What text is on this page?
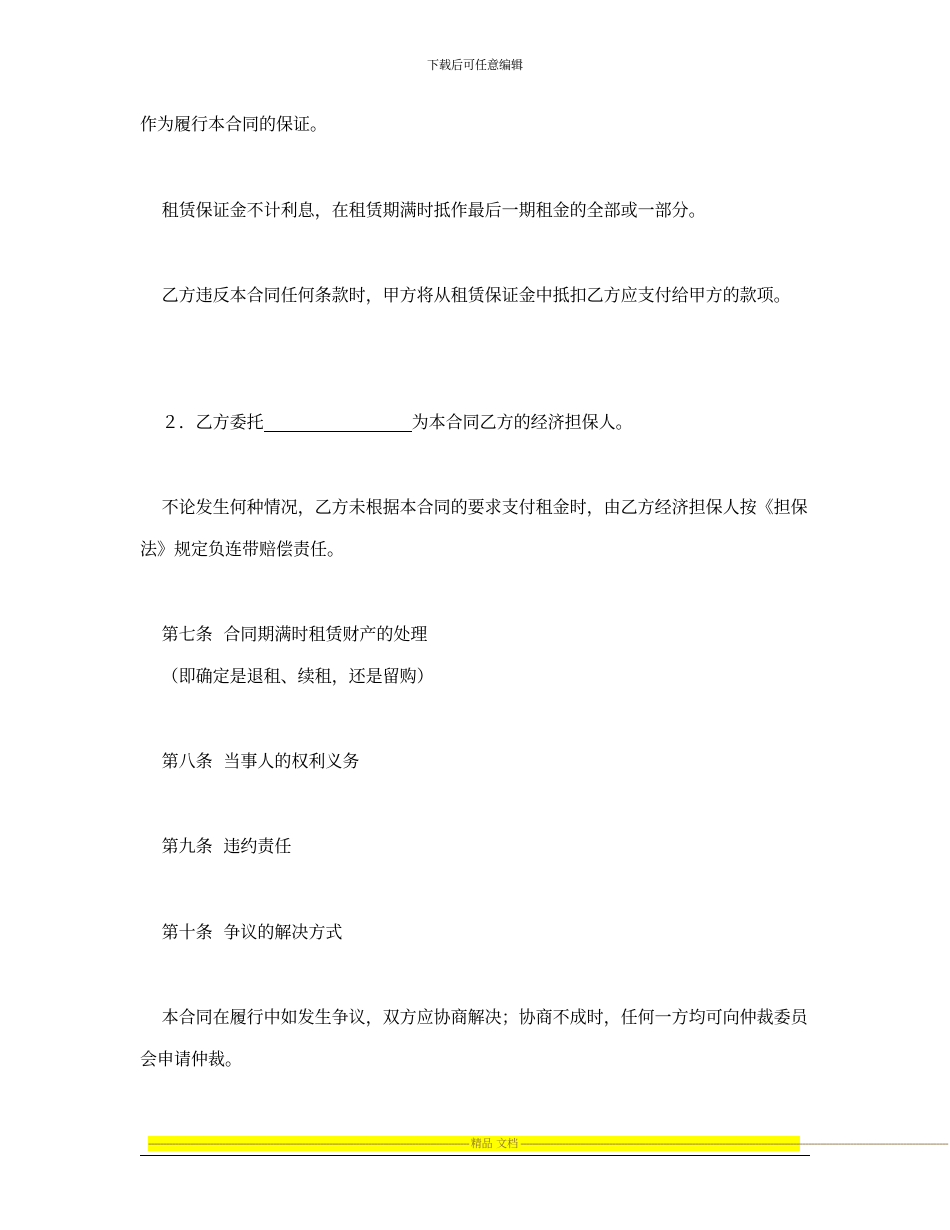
下载后可任意编辑
作为履行本合同的保证。
租赁保证金不计利息，在租赁期满时抵作最后一期租金的全部或一部分。
乙方违反本合同任何条款时，甲方将从租赁保证金中抵扣乙方应支付给甲方的款项。
２．乙方委托	为本合同乙方的经济担保人。
不论发生何种情况，乙方未根据本合同的要求支付租金时，由乙方经济担保人按《担保法》规定负连带赔偿责任。
第七条  合同期满时租赁财产的处理
（即确定是退租、续租，还是留购）
第八条  当事人的权利义务
第九条  违约责任
第十条  争议的解决方式
本合同在履行中如发生争议，双方应协商解决；协商不成时，任何一方均可向仲裁委员会申请仲裁。
------------------------------------------------------------------------------------------------------------ 精品 文档 ------------------------------------------------------------------------------------------------------------------------------------------------
